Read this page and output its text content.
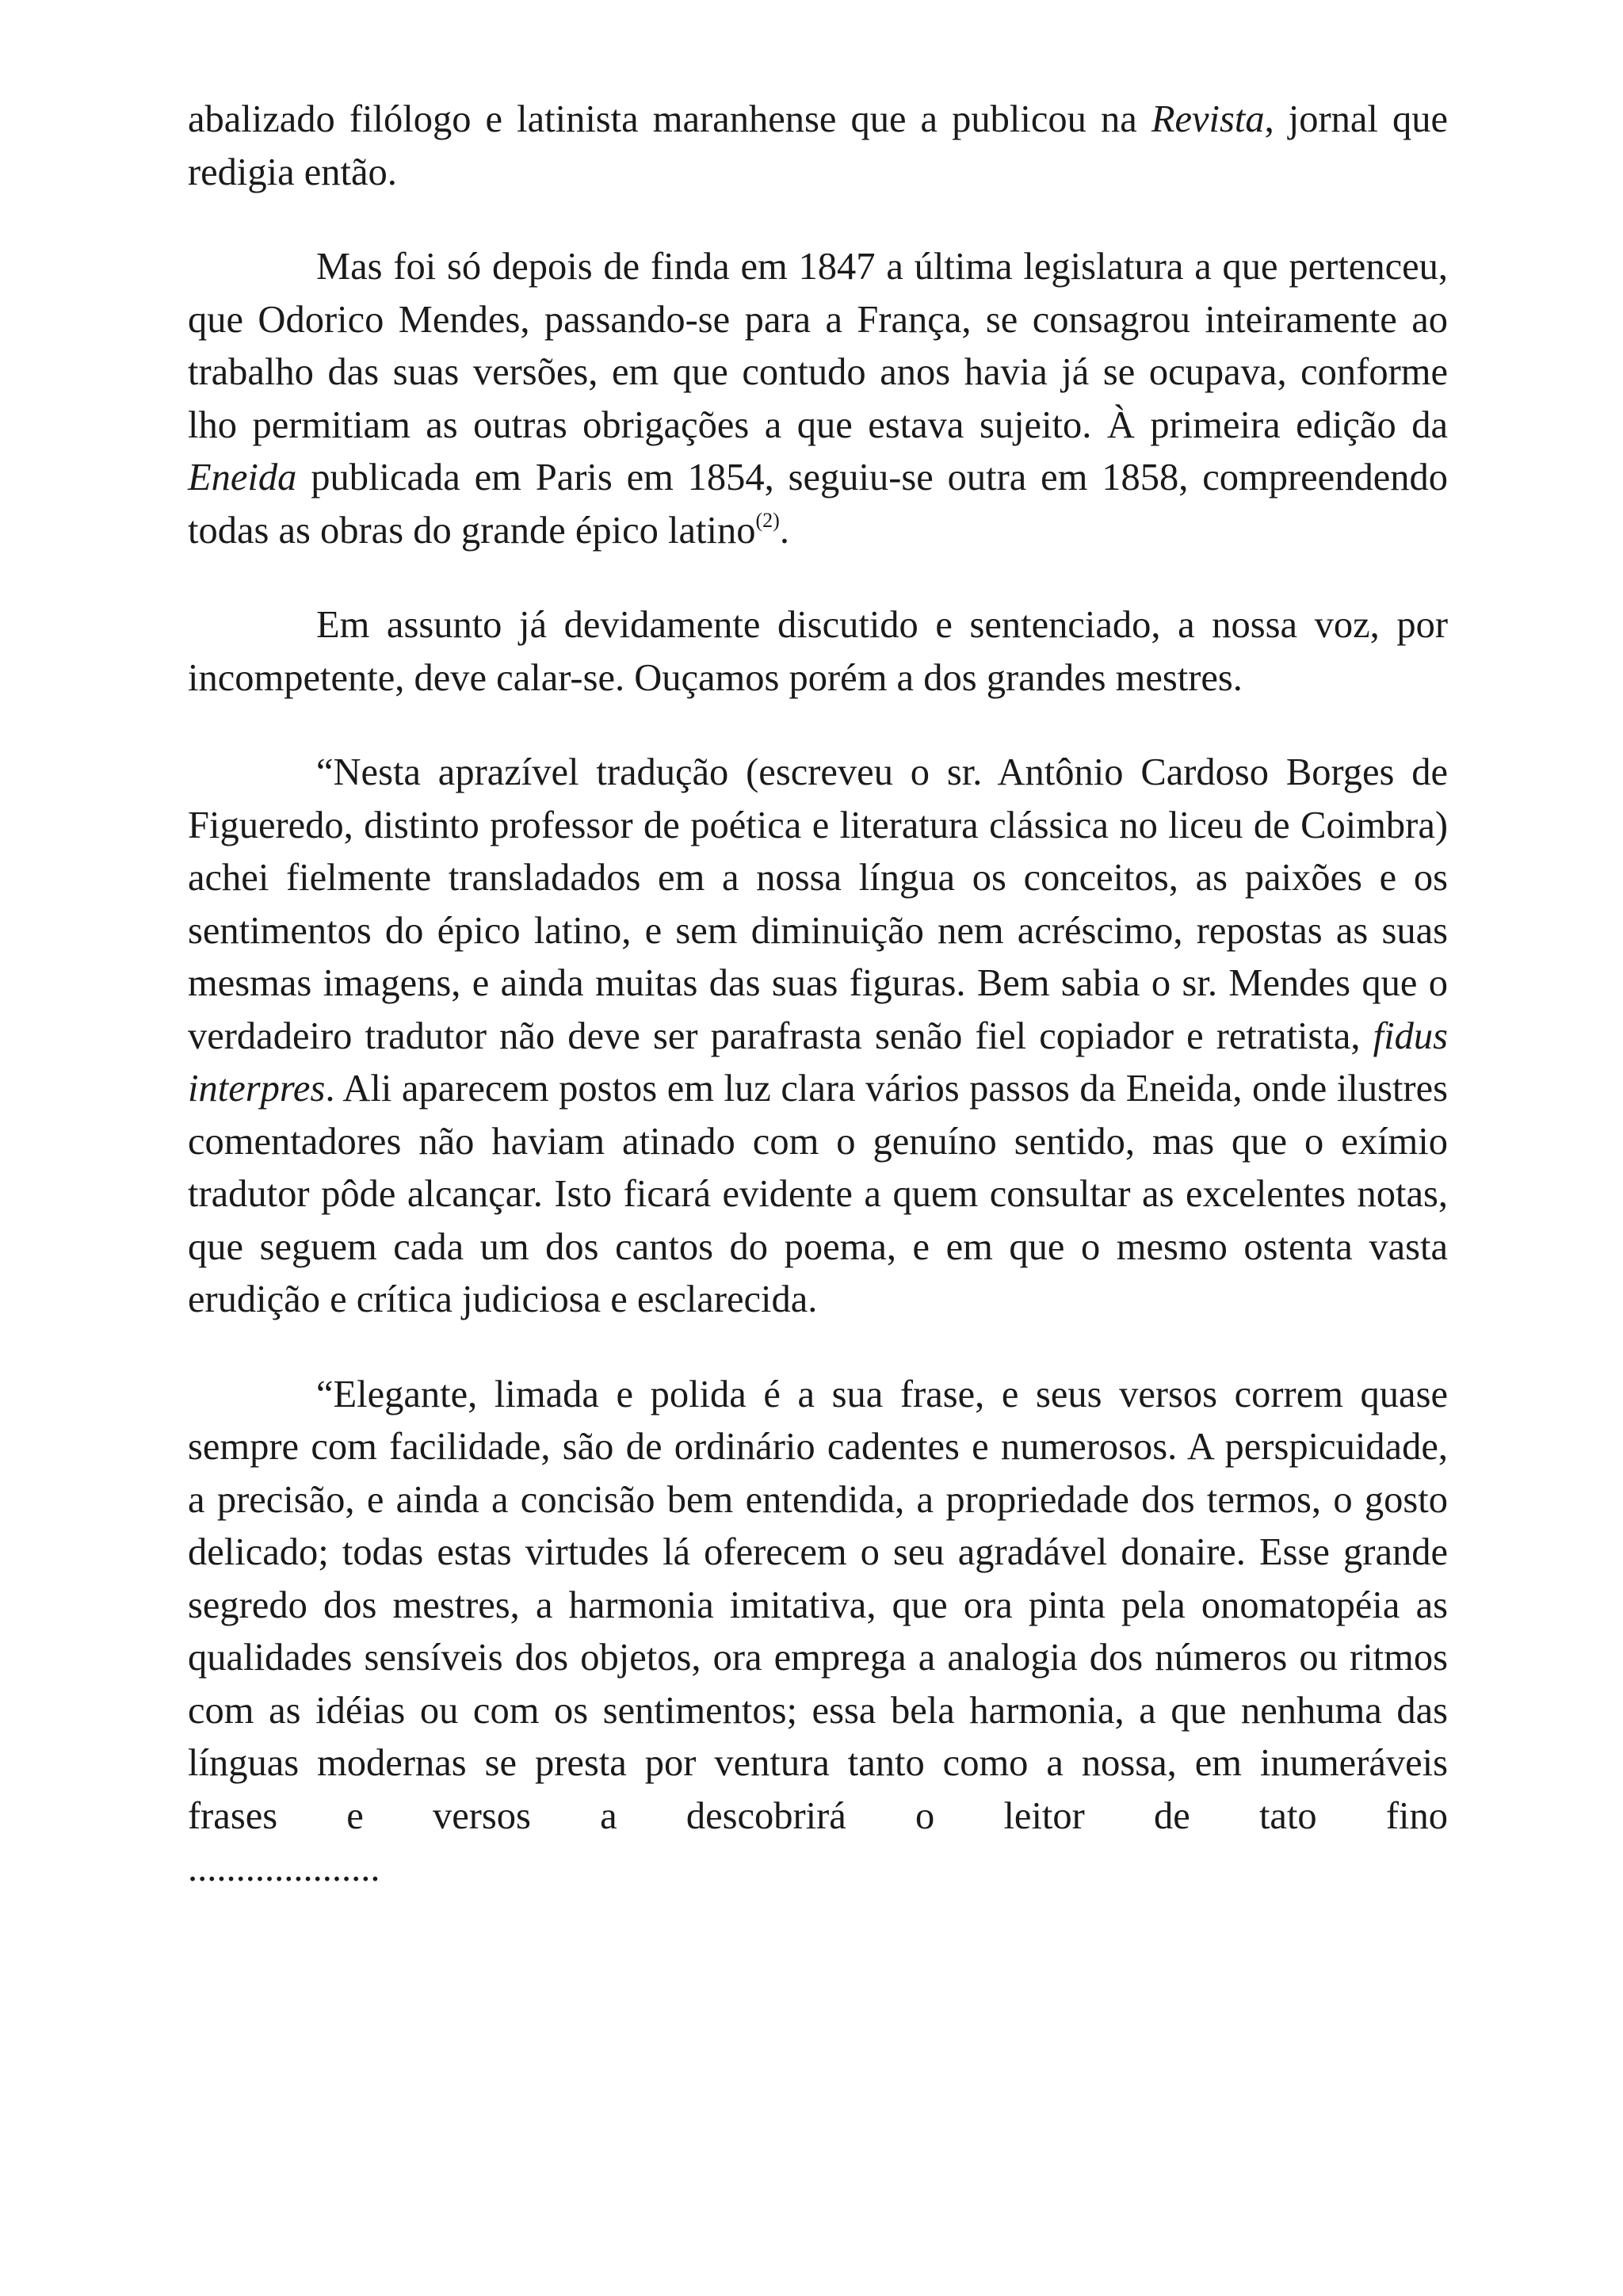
abalizado filólogo e latinista maranhense que a publicou na Revista, jornal que redigia então.

Mas foi só depois de finda em 1847 a última legislatura a que pertenceu, que Odorico Mendes, passando-se para a França, se consagrou inteiramente ao trabalho das suas versões, em que contudo anos havia já se ocupava, conforme lho permitiam as outras obrigações a que estava sujeito. À primeira edição da Eneida publicada em Paris em 1854, seguiu-se outra em 1858, compreendendo todas as obras do grande épico latino$^{(2)}$.

Em assunto já devidamente discutido e sentenciado, a nossa voz, por incompetente, deve calar-se. Ouçamos porém a dos grandes mestres.

“Nesta aprazível tradução (escreveu o sr. Antônio Cardoso Borges de Figueredo, distinto professor de poética e literatura clássica no liceu de Coimbra) achei fielmente transladados em a nossa língua os conceitos, as paixões e os sentimentos do épico latino, e sem diminuição nem acréscimo, repostas as suas mesmas imagens, e ainda muitas das suas figuras. Bem sabia o sr. Mendes que o verdadeiro tradutor não deve ser parafrasta senão fiel copiador e retratista, fidus interpres. Ali aparecem postos em luz clara vários passos da Eneida, onde ilustres comentadores não haviam atinado com o genuíno sentido, mas que o exímio tradutor pôde alcançar. Isto ficará evidente a quem consultar as excelentes notas, que seguem cada um dos cantos do poema, e em que o mesmo ostenta vasta erudição e crítica judiciosa e esclarecida.

“Elegante, limada e polida é a sua frase, e seus versos correm quase sempre com facilidade, são de ordinário cadentes e numerosos. A perspicuidade, a precisão, e ainda a concisão bem entendida, a propriedade dos termos, o gosto delicado; todas estas virtudes lá oferecem o seu agradável donaire. Esse grande segredo dos mestres, a harmonia imitativa, que ora pinta pela onomatopéia as qualidades sensíveis dos objetos, ora emprega a analogia dos números ou ritmos com as idéias ou com os sentimentos; essa bela harmonia, a que nenhuma das línguas modernas se presta por ventura tanto como a nossa, em inumeráveis frases e versos a descobrirá o leitor de tato fino

....................
